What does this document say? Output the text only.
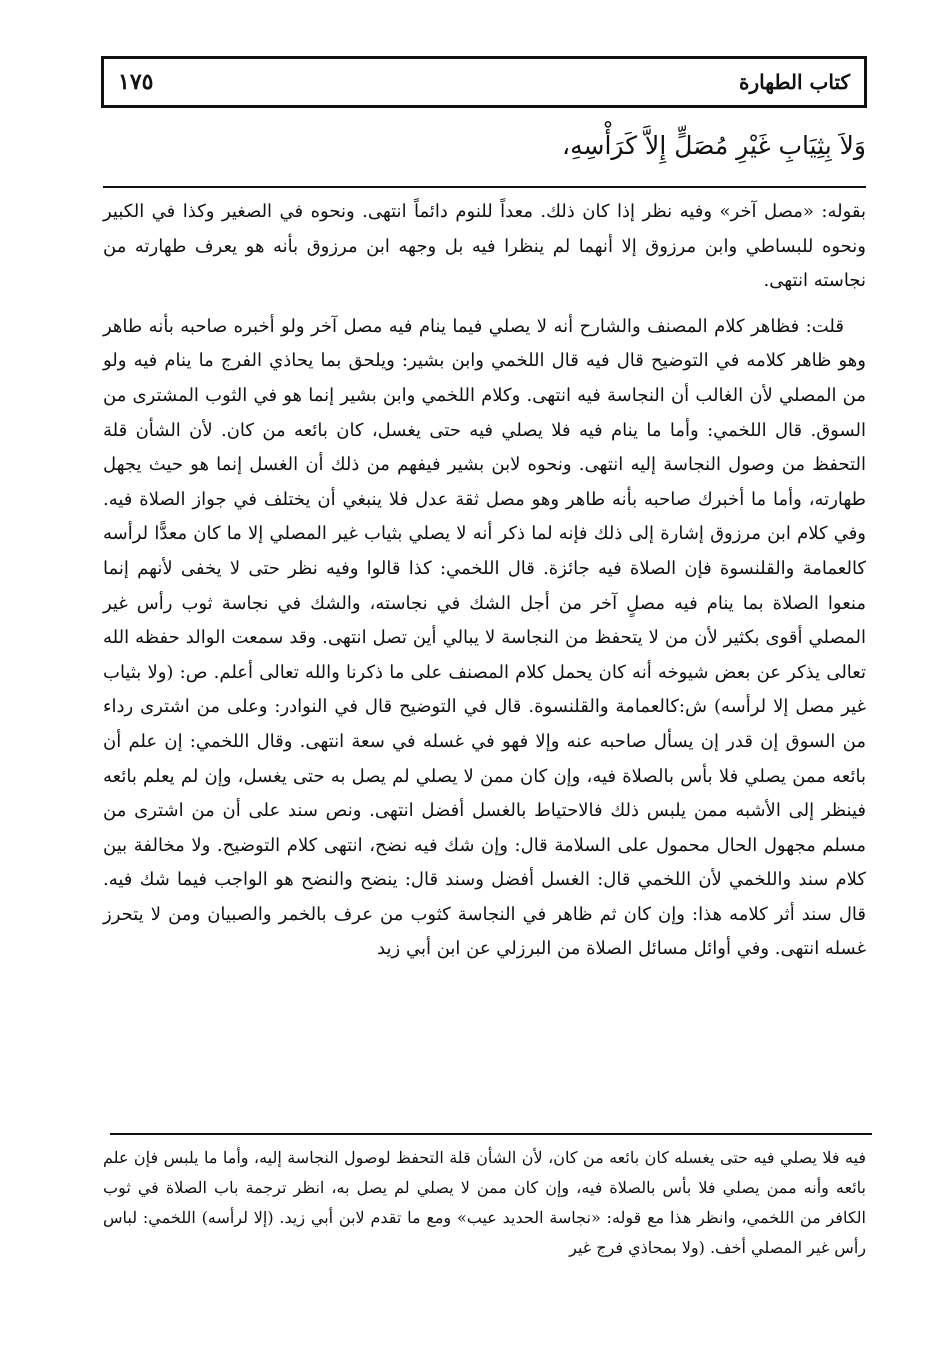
كتاب الطهارة
١٧٥
وَلاَ بِثِيَابِ غَيْرِ مُصَلٍّ إِلاَّ كَرَأْسِهِ،

بقوله: «مصل آخر» وفيه نظر إذا كان ذلك. معداً للنوم دائماً انتهى. ونحوه في الصغير وكذا في الكبير ونحوه للبساطي وابن مرزوق إلا أنهما لم ينظرا فيه بل وجهه ابن مرزوق بأنه هو يعرف طهارته من نجاسته انتهى.

قلت: فظاهر كلام المصنف والشارح أنه لا يصلي فيما ينام فيه مصل آخر ولو أخبره صاحبه بأنه طاهر وهو ظاهر كلامه في التوضيح قال فيه قال اللخمي وابن بشير: ويلحق بما يحاذي الفرج ما ينام فيه ولو من المصلي لأن الغالب أن النجاسة فيه انتهى. وكلام اللخمي وابن بشير إنما هو في الثوب المشترى من السوق. قال اللخمي: وأما ما ينام فيه فلا يصلي فيه حتى يغسل، كان بائعه من كان. لأن الشأن قلة التحفظ من وصول النجاسة إليه انتهى. ونحوه لابن بشير فيفهم من ذلك أن الغسل إنما هو حيث يجهل طهارته، وأما ما أخبرك صاحبه بأنه طاهر وهو مصل ثقة عدل فلا ينبغي أن يختلف في جواز الصلاة فيه. وفي كلام ابن مرزوق إشارة إلى ذلك فإنه لما ذكر أنه لا يصلي بثياب غير المصلي إلا ما كان معدًّا لرأسه كالعمامة والقلنسوة فإن الصلاة فيه جائزة. قال اللخمي: كذا قالوا وفيه نظر حتى لا يخفى لأنهم إنما منعوا الصلاة بما ينام فيه مصلٍ آخر من أجل الشك في نجاسته، والشك في نجاسة ثوب رأس غير المصلي أقوى بكثير لأن من لا يتحفظ من النجاسة لا يبالي أين تصل انتهى. وقد سمعت الوالد حفظه الله تعالى يذكر عن بعض شيوخه أنه كان يحمل كلام المصنف على ما ذكرنا والله تعالى أعلم. ص: (ولا بثياب غير مصل إلا لرأسه) ش:كالعمامة والقلنسوة. قال في التوضيح قال في النوادر: وعلى من اشترى رداء من السوق إن قدر إن يسأل صاحبه عنه وإلا فهو في غسله في سعة انتهى. وقال اللخمي: إن علم أن بائعه ممن يصلي فلا بأس بالصلاة فيه، وإن كان ممن لا يصلي لم يصل به حتى يغسل، وإن لم يعلم بائعه فينظر إلى الأشبه ممن يلبس ذلك فالاحتياط بالغسل أفضل انتهى. ونص سند على أن من اشترى من مسلم مجهول الحال محمول على السلامة قال: وإن شك فيه نضح، انتهى كلام التوضيح. ولا مخالفة بين كلام سند واللخمي لأن اللخمي قال: الغسل أفضل وسند قال: ينضح والنضح هو الواجب فيما شك فيه. قال سند أثر كلامه هذا: وإن كان ثم ظاهر في النجاسة كثوب من عرف بالخمر والصبيان ومن لا يتحرز غسله انتهى. وفي أوائل مسائل الصلاة من البرزلي عن ابن أبي زيد

فيه فلا يصلي فيه حتى يغسله كان بائعه من كان، لأن الشأن قلة التحفظ لوصول النجاسة إليه، وأما ما يلبس فإن علم بائعه وأنه ممن يصلي فلا بأس بالصلاة فيه، وإن كان ممن لا يصلي لم يصل به، انظر ترجمة باب الصلاة في ثوب الكافر من اللخمي، وانظر هذا مع قوله: «نجاسة الحديد عيب» ومع ما تقدم لابن أبي زيد. (إلا لرأسه) اللخمي: لباس رأس غير المصلي أخف. (ولا بمحاذي فرج غير
